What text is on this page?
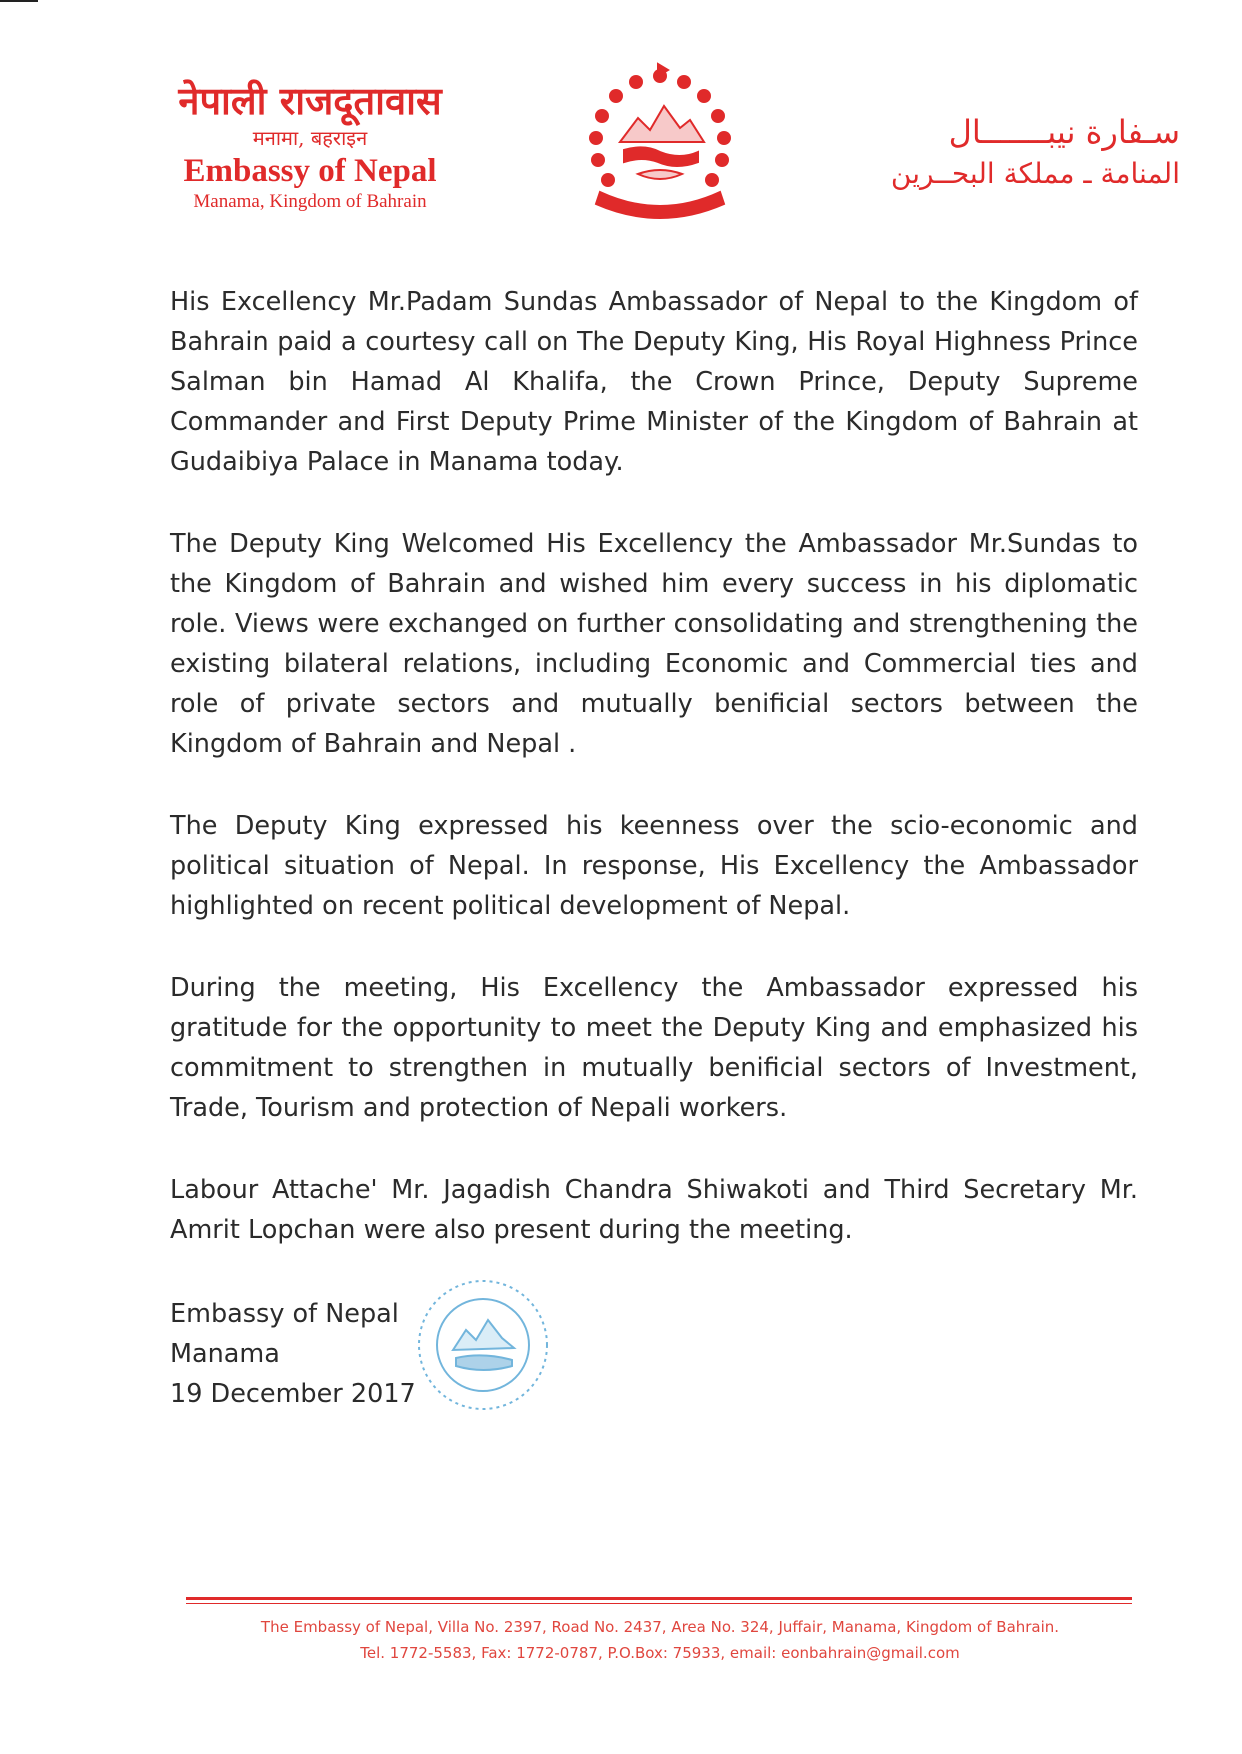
नेपाली राजदूतावास
मनामा, बहराइन
Embassy of Nepal
Manama, Kingdom of Bahrain
سـفارة نيبـــــــال
المنامة ـ مملكة البحــرين

His Excellency Mr.Padam Sundas Ambassador of Nepal to the Kingdom of Bahrain paid a courtesy call on The Deputy King, His Royal Highness Prince Salman bin Hamad Al Khalifa, the Crown Prince, Deputy Supreme Commander and First Deputy Prime Minister of the Kingdom of Bahrain at Gudaibiya Palace in Manama today.

The Deputy King Welcomed His Excellency the Ambassador Mr.Sundas to the Kingdom of Bahrain and wished him every success in his diplomatic role. Views were exchanged on further consolidating and strengthening the existing bilateral relations, including Economic and Commercial ties and role of private sectors and mutually benificial sectors between the Kingdom of Bahrain and Nepal .

The Deputy King expressed his keenness over the scio-economic and political situation of Nepal. In response, His Excellency the Ambassador highlighted on recent political development of Nepal.

During the meeting, His Excellency the Ambassador expressed his gratitude for the opportunity to meet the Deputy King and emphasized his commitment to strengthen in mutually benificial sectors of Investment, Trade, Tourism and protection of Nepali workers.

Labour Attache' Mr. Jagadish Chandra Shiwakoti and Third Secretary Mr. Amrit Lopchan were also present during the meeting.

Embassy of Nepal
Manama
19 December 2017
The Embassy of Nepal, Villa No. 2397, Road No. 2437, Area No. 324, Juffair, Manama, Kingdom of Bahrain.
Tel. 1772-5583, Fax: 1772-0787, P.O.Box: 75933, email: eonbahrain@gmail.com
